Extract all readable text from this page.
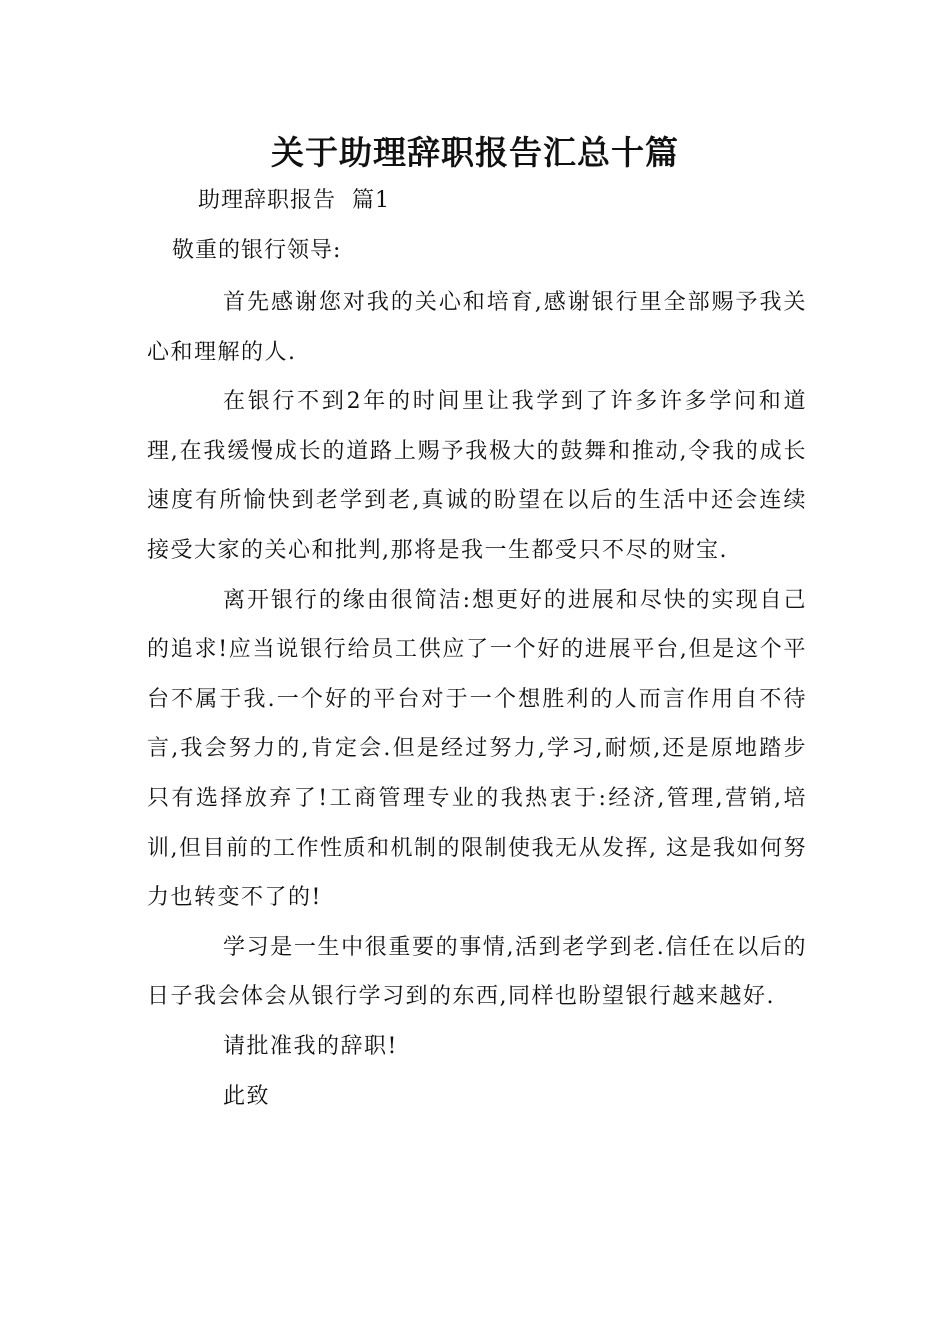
关于助理辞职报告汇总十篇

助理辞职报告  篇1

敬重的银行领导:

首先感谢您对我的关心和培育,感谢银行里全部赐予我关心和理解的人.

在银行不到2年的时间里让我学到了许多许多学问和道理,在我缓慢成长的道路上赐予我极大的鼓舞和推动,令我的成长速度有所愉快到老学到老,真诚的盼望在以后的生活中还会连续接受大家的关心和批判,那将是我一生都受只不尽的财宝.

离开银行的缘由很简洁:想更好的进展和尽快的实现自己的追求!应当说银行给员工供应了一个好的进展平台,但是这个平台不属于我.一个好的平台对于一个想胜利的人而言作用自不待言,我会努力的,肯定会.但是经过努力,学习,耐烦,还是原地踏步只有选择放弃了!工商管理专业的我热衷于:经济,管理,营销,培训,但目前的工作性质和机制的限制使我无从发挥, 这是我如何努力也转变不了的!

学习是一生中很重要的事情,活到老学到老.信任在以后的日子我会体会从银行学习到的东西,同样也盼望银行越来越好.

请批准我的辞职!

此致
